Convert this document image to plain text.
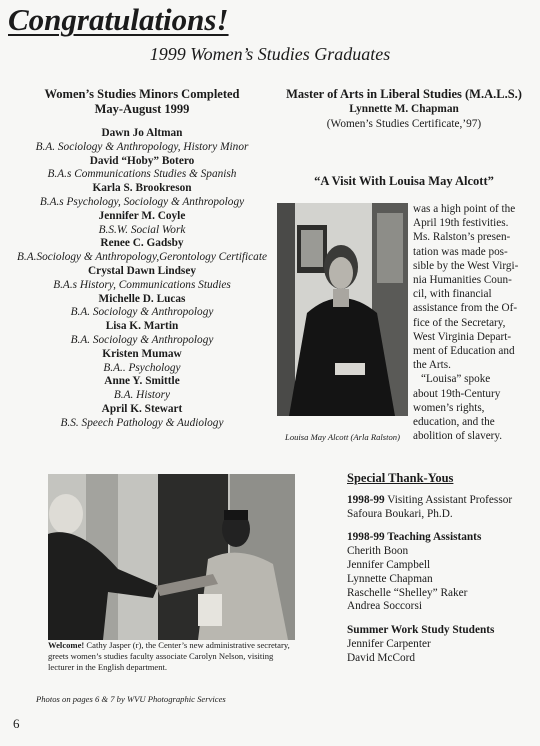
Congratulations!
1999 Women’s Studies Graduates
Women’s Studies Minors Completed
May-August 1999
Dawn Jo Altman
B.A. Sociology & Anthropology, History Minor
David “Hoby” Botero
B.A.s Communications Studies & Spanish
Karla S. Brookreson
B.A.s Psychology, Sociology & Anthropology
Jennifer M. Coyle
B.S.W. Social Work
Renee C. Gadsby
B.A.Sociology & Anthropology,Gerontology Certificate
Crystal Dawn Lindsey
B.A.s History, Communications Studies
Michelle D. Lucas
B.A. Sociology & Anthropology
Lisa K. Martin
B.A. Sociology & Anthropology
Kristen Mumaw
B.A.. Psychology
Anne Y. Smittle
B.A. History
April K. Stewart
B.S. Speech Pathology & Audiology
Master of Arts in Liberal Studies (M.A.L.S.)
Lynnette M. Chapman
(Women’s Studies Certificate,’97)
“A Visit With Louisa May Alcott”
Louisa May Alcott (Arla Ralston)

was a high point of the
April 19th festivities.
Ms. Ralston’s presen-
tation was made pos-
sible by the West Virgi-
nia Humanities Coun-
cil, with financial
assistance from the Of-
fice of the Secretary,
West Virginia Depart-
ment of Education and
the Arts.

“Louisa” spoke
about 19th-Century
women’s rights,
education, and the
abolition of slavery.

Welcome! Cathy Jasper (r), the Center’s new administrative secretary, greets women’s studies faculty associate Carolyn Nelson, visiting lecturer in the English department.
Photos on pages 6 & 7 by WVU Photographic Services
Special Thank-Yous
1998-99 Visiting Assistant Professor
Safoura Boukari, Ph.D.
1998-99 Teaching Assistants
Cherith Boon
Jennifer Campbell
Lynnette Chapman
Raschelle “Shelley” Raker
Andrea Soccorsi
Summer Work Study Students
Jennifer Carpenter
David McCord
6
